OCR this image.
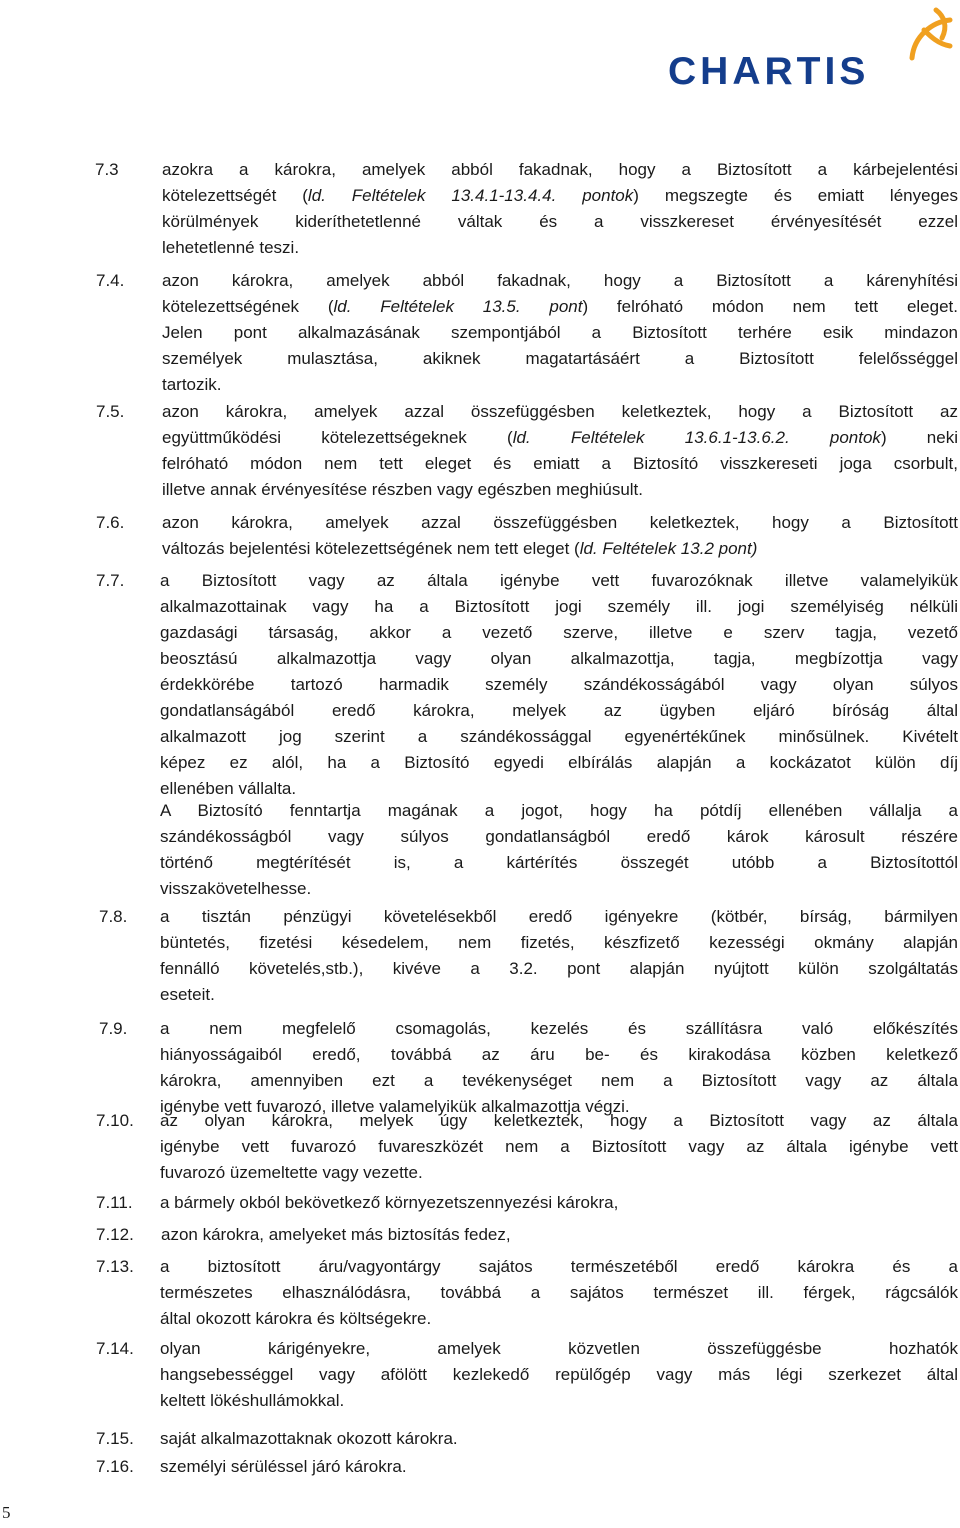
CHARTIS
7.3	azokra a károkra, amelyek abból fakadnak, hogy a Biztosított a kárbejelentési
kötelezettségét (ld. Feltételek 13.4.1-13.4.4. pontok) megszegte és emiatt lényeges
körülmények kideríthetetlenné váltak és a visszkereset érvényesítését ezzel
lehetetlenné teszi.
7.4. azon károkra, amelyek abból fakadnak, hogy a Biztosított a kárenyhítési
kötelezettségének (ld. Feltételek 13.5. pont) felróható módon nem tett eleget.
Jelen pont alkalmazásának szempontjából a Biztosított terhére esik mindazon
személyek mulasztása, akiknek magatartásáért a Biztosított felelősséggel
tartozik.
7.5. azon károkra, amelyek azzal összefüggésben keletkeztek, hogy a Biztosított az
együttműködési kötelezettségeknek (ld. Feltételek 13.6.1-13.6.2. pontok) neki
felróható módon nem tett eleget és emiatt a Biztosító visszkereseti joga csorbult,
illetve annak érvényesítése részben vagy egészben meghiúsult.
7.6. azon károkra, amelyek azzal összefüggésben keletkeztek, hogy a Biztosított
változás bejelentési kötelezettségének nem tett eleget (ld. Feltételek 13.2 pont)
7.7. a Biztosított vagy az általa igénybe vett fuvarozóknak illetve valamelyikük
alkalmazottainak vagy ha a Biztosított jogi személy ill. jogi személyiség nélküli
gazdasági társaság, akkor a vezető szerve, illetve e szerv tagja, vezető
beosztású alkalmazottja vagy olyan alkalmazottja, tagja, megbízottja vagy
érdekkörébe tartozó harmadik személy szándékosságából vagy olyan súlyos
gondatlanságából eredő károkra, melyek az ügyben eljáró bíróság által
alkalmazott jog szerint a szándékossággal egyenértékűnek minősülnek. Kivételt
képez ez alól, ha a Biztosító egyedi elbírálás alapján a kockázatot külön díj
ellenében vállalta.
A Biztosító fenntartja magának a jogot, hogy ha pótdíj ellenében vállalja a
szándékosságból vagy súlyos gondatlanságból eredő károk károsult részére
történő megtérítését is, a kártérítés összegét utóbb a Biztosítottól
visszakövetelhesse.
7.8. a tisztán pénzügyi követelésekből eredő igényekre (kötbér, bírság, bármilyen
büntetés, fizetési késedelem, nem fizetés, készfizető kezességi okmány alapján
fennálló követelés,stb.), kivéve a 3.2. pont alapján nyújtott külön szolgáltatás
eseteit.
7.9. a nem megfelelő csomagolás, kezelés és szállításra való előkészítés
hiányosságaiból eredő, továbbá az áru be- és kirakodása közben keletkező
károkra, amennyiben ezt a tevékenységet nem a Biztosított vagy az általa
igénybe vett fuvarozó, illetve valamelyikük alkalmazottja végzi.
7.10. az olyan károkra, melyek úgy keletkeztek, hogy a Biztosított vagy az általa
igénybe vett fuvarozó fuvareszközét nem a Biztosított vagy az általa igénybe vett
fuvarozó üzemeltette vagy vezette.
7.11. a bármely okból bekövetkező környezetszennyezési károkra,
7.12. azon károkra, amelyeket más biztosítás fedez,
7.13. a biztosított áru/vagyontárgy sajátos természetéből eredő károkra és a
természetes elhasználódásra, továbbá a sajátos természet ill. férgek, rágcsálók
által okozott károkra és költségekre.
7.14. olyan kárigényekre, amelyek közvetlen összefüggésbe hozhatók
hangsebességgel vagy afölött kezlekedő repülőgép vagy más légi szerkezet által
keltett lökéshullámokkal.
7.15. saját alkalmazottaknak okozott károkra.
7.16. személyi sérüléssel járó károkra.
5
